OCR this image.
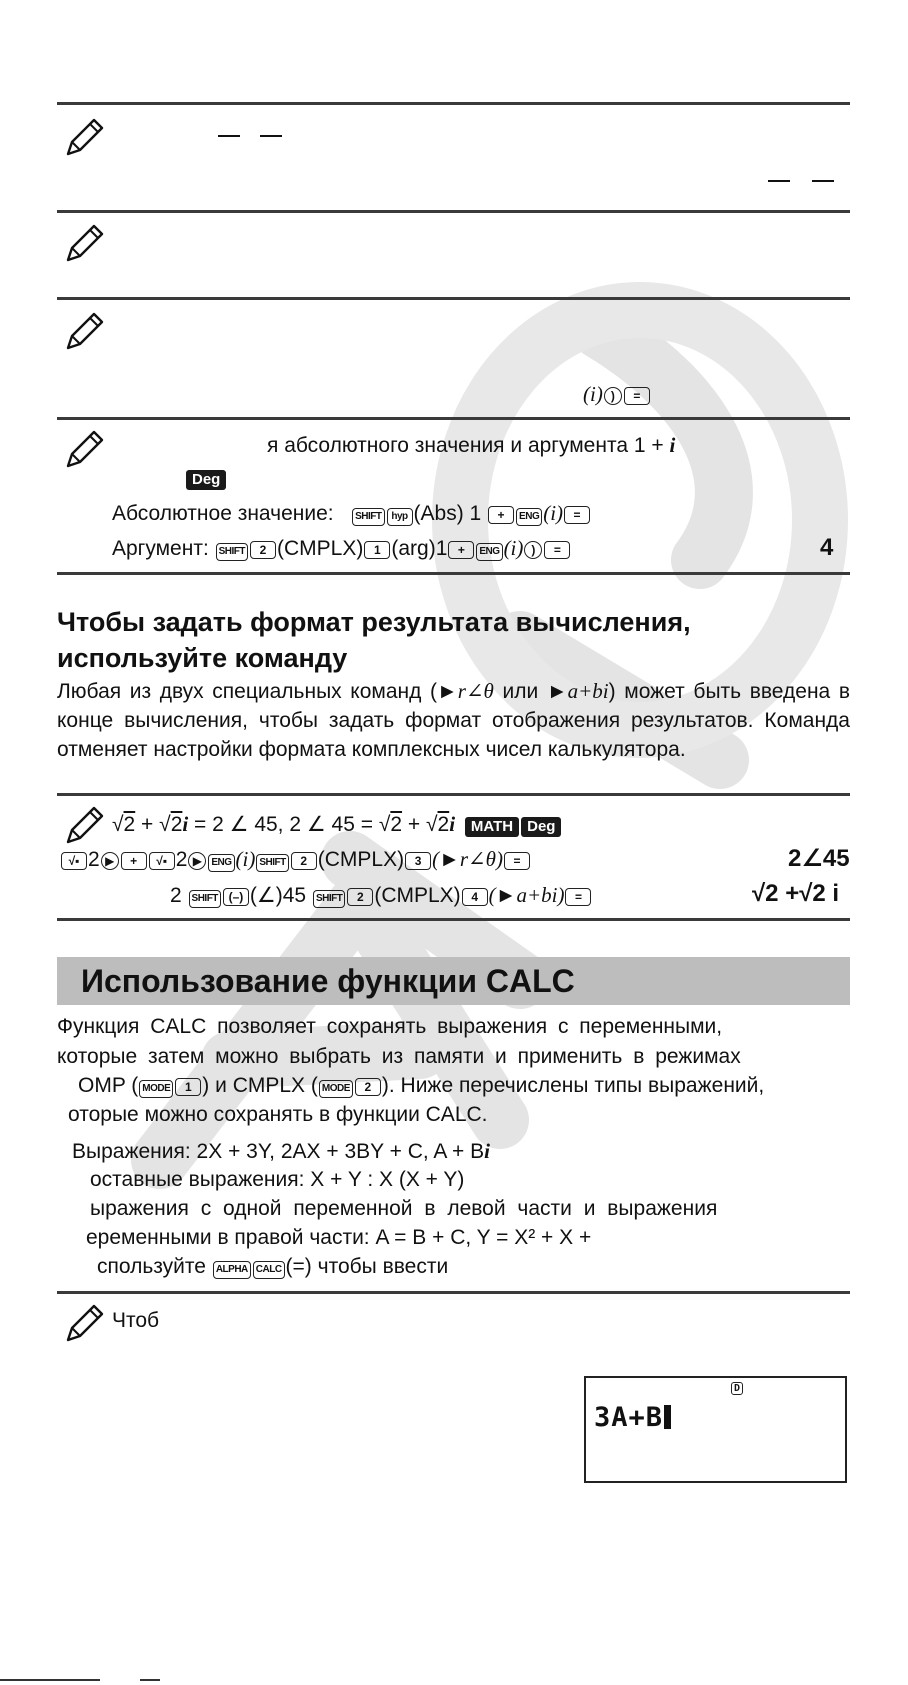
(i) ) =
я абсолютного значения и аргумента 1 + i
Deg
Абсолютное значение: SHIFT hyp (Abs) 1 + ENG (i) =
Аргумент: SHIFT 2 (CMPLX) 1 (arg)1 + ENG (i) ) =	4
Чтобы задать формат результата вычисления, используйте команду
Любая из двух специальных команд (►r∠θ или ►a+bi) может быть введена в конце вычисления, чтобы задать формат отображения результатов. Команда отменяет настройки формата комплексных чисел калькулятора.
√2 + √2i = 2 ∠ 45, 2 ∠ 45 = √2 + √2i MATH Deg
√▪ 2 ▶ + √▪ 2 ▶ ENG (i) SHIFT 2 (CMPLX) 3 (►r∠θ) =	2∠45
2 SHIFT (–) (∠)45 SHIFT 2 (CMPLX) 4 (►a+bi) =	√2 +√2 i
Использование функции CALC
Функция CALC позволяет сохранять выражения с переменными,
которые затем можно выбрать из памяти и применить в режимах
OMP ( MODE 1 ) и CMPLX ( MODE 2 ). Ниже перечислены типы выражений,
оторые можно сохранять в функции CALC.
Выражения: 2X + 3Y, 2AX + 3BY + C, A + Bi
оставные выражения: X + Y : X (X + Y)
ыражения с одной переменной в левой части и выражения
еременными в правой части: A = B + C, Y = X² + X +
спользуйте ALPHA CALC (=) чтобы ввести
Чтоб
D
3A+B
